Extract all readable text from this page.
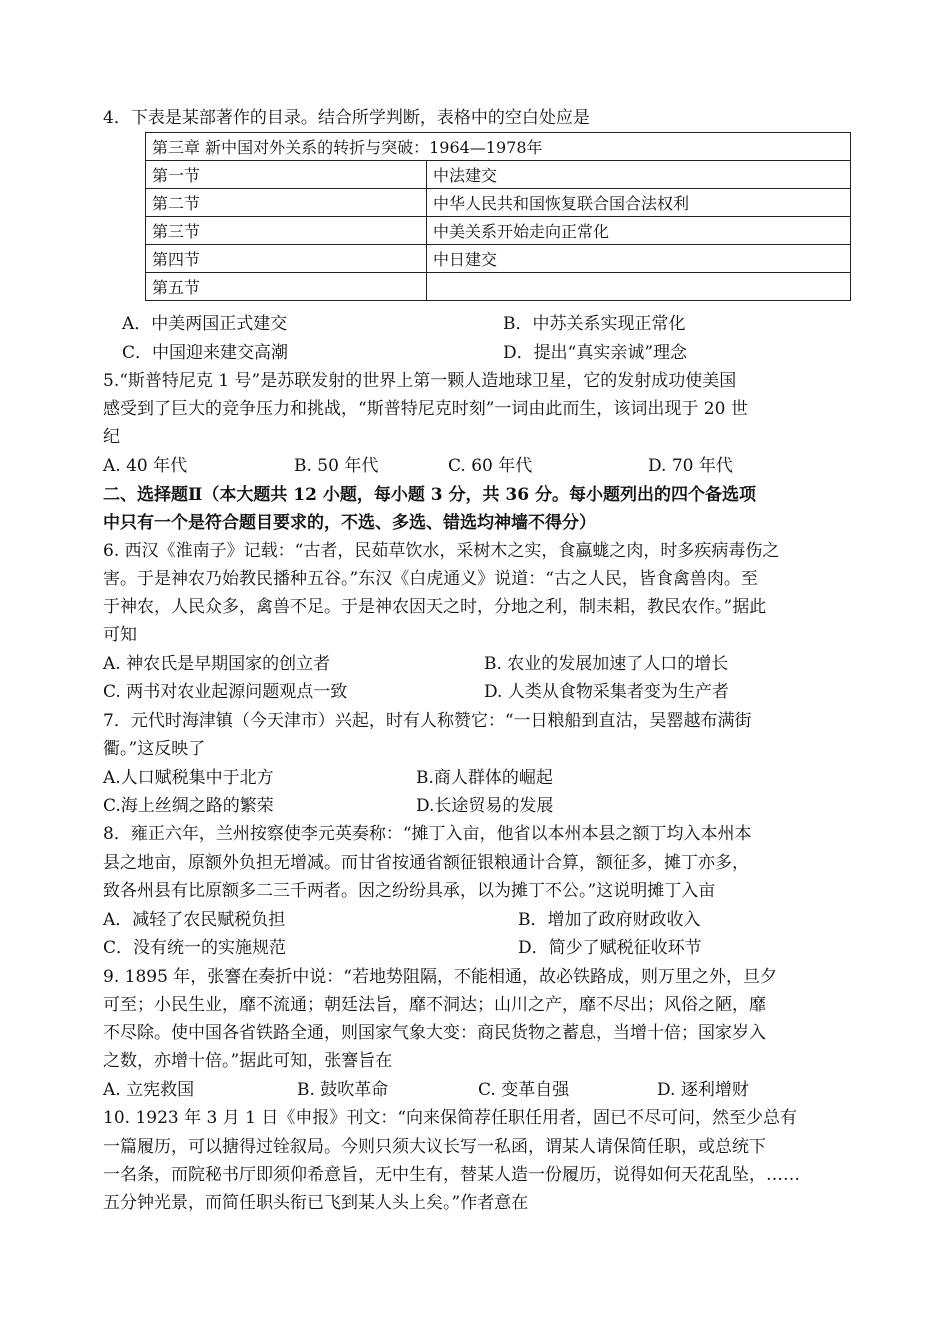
4．下表是某部著作的目录。结合所学判断，表格中的空白处应是
第三章 新中国对外关系的转折与突破：1964—1978年	
第一节	中法建交
第二节	中华人民共和国恢复联合国合法权利
第三节	中美关系开始走向正常化
第四节	中日建交
第五节	
A．中美两国正式建交	B．中苏关系实现正常化
C．中国迎来建交高潮	D．提出“真实亲诚”理念
5.“斯普特尼克 1 号”是苏联发射的世界上第一颗人造地球卫星，它的发射成功使美国
感受到了巨大的竞争压力和挑战，“斯普特尼克时刻”一词由此而生，该词出现于 20 世
纪
A. 40 年代	B. 50 年代	C. 60 年代	D. 70 年代
二、选择题Ⅱ（本大题共 12 小题，每小题 3 分，共 36 分。每小题列出的四个备选项
中只有一个是符合题目要求的，不选、多选、错选均神墙不得分）
6. 西汉《淮南子》记载：“古者，民茹草饮水，采树木之实，食蠃蛖之肉，时多疾病毒伤之
害。于是神农乃始教民播种五谷。”东汉《白虎通义》说道：“古之人民，皆食禽兽肉。至
于神农，人民众多，禽兽不足。于是神农因天之时，分地之利，制耒耜，教民农作。”据此
可知
A. 神农氏是早期国家的创立者	B. 农业的发展加速了人口的增长
C. 两书对农业起源问题观点一致	D. 人类从食物采集者变为生产者
7．元代时海津镇（今天津市）兴起，时有人称赞它：“一日粮船到直沽，吴罂越布满街
衢。”这反映了
A.人口赋税集中于北方	B.商人群体的崛起
C.海上丝绸之路的繁荣	D.长途贸易的发展
8．雍正六年，兰州按察使李元英奏称：“摊丁入亩，他省以本州本县之额丁均入本州本
县之地亩，原额外负担无增减。而甘省按通省额征银粮通计合算，额征多，摊丁亦多，
致各州县有比原额多二三千两者。因之纷纷具承，以为摊丁不公。”这说明摊丁入亩
A．减轻了农民赋税负担	B．增加了政府财政收入
C．没有统一的实施规范	D．简少了赋税征收环节
9. 1895 年，张謇在奏折中说：“若地势阻隔，不能相通，故必铁路成，则万里之外，旦夕
可至；小民生业，靡不流通；朝廷法旨，靡不洞达；山川之产，靡不尽出；风俗之陋，靡
不尽除。使中国各省铁路全通，则国家气象大变：商民货物之蓄息，当增十倍；国家岁入
之数，亦增十倍。”据此可知，张謇旨在
A. 立宪救国	B. 鼓吹革命	C. 变革自强	D. 逐利增财
10. 1923 年 3 月 1 日《申报》刊文：“向来保简荐任职任用者，固已不尽可问，然至少总有
一篇履历，可以搪得过铨叙局。今则只须大议长写一私函，谓某人请保简任职，或总统下
一名条，而院秘书厅即须仰希意旨，无中生有，替某人造一份履历，说得如何天花乱坠，……
五分钟光景，而简任职头衔已飞到某人头上矣。”作者意在
